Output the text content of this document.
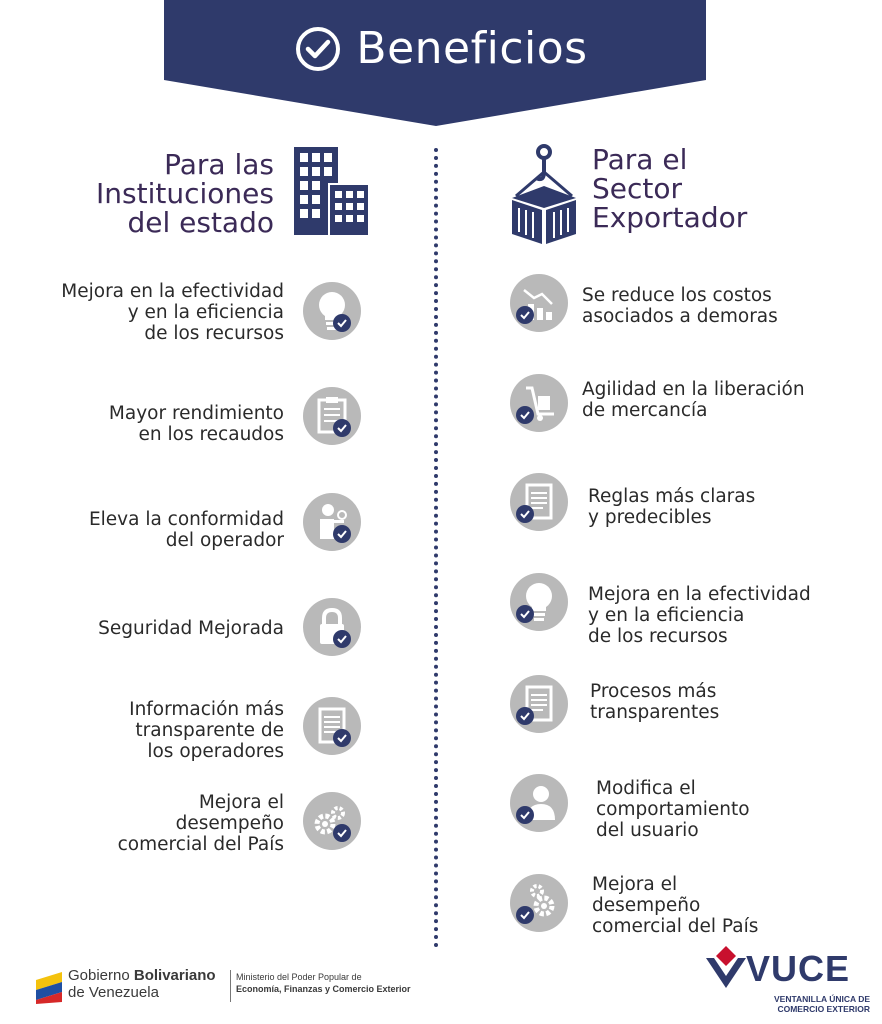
Beneficios
Para las
Instituciones
del estado
Para el
Sector
Exportador
Mejora en la efectividad
y en la eficiencia
de los recursos
Mayor rendimiento
en los recaudos
Eleva la conformidad
del operador
Seguridad Mejorada
Información más
transparente de
los operadores
Mejora el
desempeño
comercial del País
Se reduce los costos
asociados a demoras
Agilidad en la liberación
de mercancía
Reglas más claras
y predecibles
Mejora en la efectividad
y en la eficiencia
de los recursos
Procesos más
transparentes
Modifica el
comportamiento
del usuario
Mejora el
desempeño
comercial del País
Gobierno Bolivariano
de Venezuela
Ministerio del Poder Popular de
Economía, Finanzas y Comercio Exterior	VUCE
VENTANILLA ÚNICA DE
COMERCIO EXTERIOR
